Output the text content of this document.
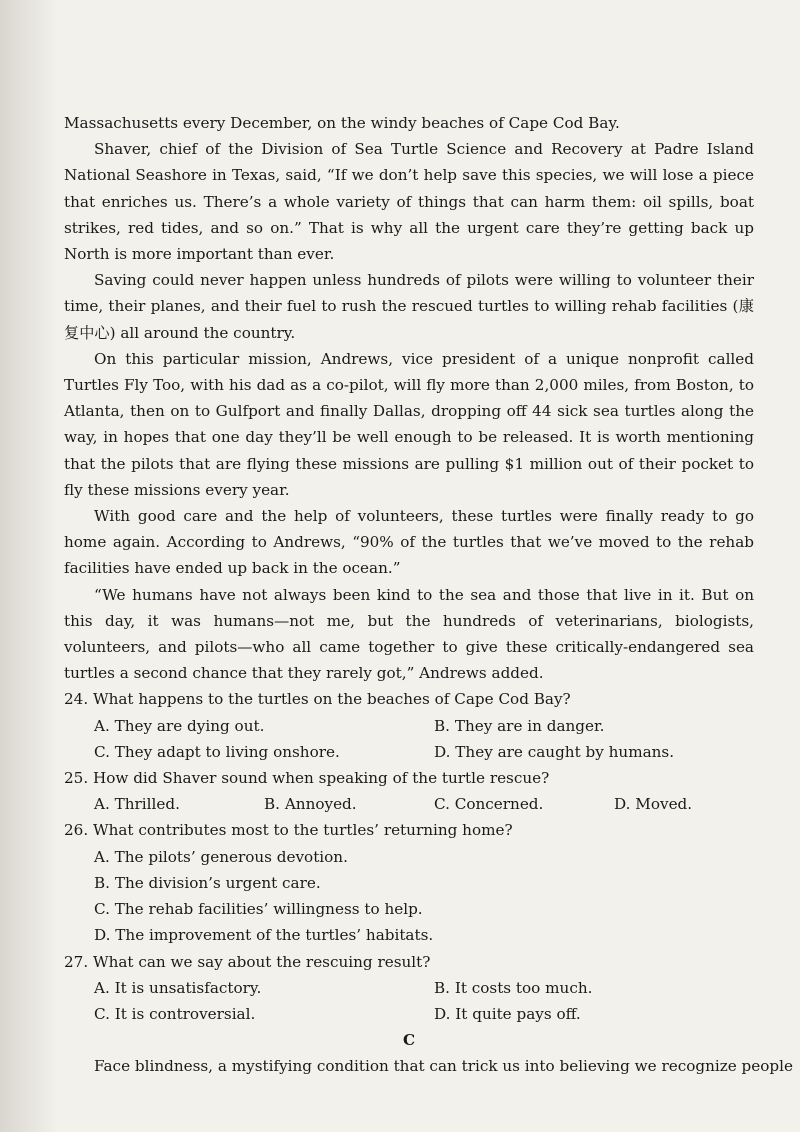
Massachusetts every December, on the windy beaches of Cape Cod Bay.

Shaver, chief of the Division of Sea Turtle Science and Recovery at Padre Island National Seashore in Texas, said, “If we don’t help save this species, we will lose a piece that enriches us. There’s a whole variety of things that can harm them: oil spills, boat strikes, red tides, and so on.” That is why all the urgent care they’re getting back up North is more important than ever.

Saving could never happen unless hundreds of pilots were willing to volunteer their time, their planes, and their fuel to rush the rescued turtles to willing rehab facilities (康复中心) all around the country.

On this particular mission, Andrews, vice president of a unique nonprofit called Turtles Fly Too, with his dad as a co-pilot, will fly more than 2,000 miles, from Boston, to Atlanta, then on to Gulfport and finally Dallas, dropping off 44 sick sea turtles along the way, in hopes that one day they’ll be well enough to be released. It is worth mentioning that the pilots that are flying these missions are pulling $1 million out of their pocket to fly these missions every year.

With good care and the help of volunteers, these turtles were finally ready to go home again. According to Andrews, “90% of the turtles that we’ve moved to the rehab facilities have ended up back in the ocean.”

“We humans have not always been kind to the sea and those that live in it. But on this day, it was humans—not me, but the hundreds of veterinarians, biologists, volunteers, and pilots—who all came together to give these critically-endangered sea turtles a second chance that they rarely got,” Andrews added.

24. What happens to the turtles on the beaches of Cape Cod Bay?

A. They are dying out.	B. They are in danger.
C. They adapt to living onshore.	D. They are caught by humans.

25. How did Shaver sound when speaking of the turtle rescue?

A. Thrilled.	B. Annoyed.	C. Concerned.	D. Moved.

26. What contributes most to the turtles’ returning home?

A. The pilots’ generous devotion.
B. The division’s urgent care.
C. The rehab facilities’ willingness to help.
D. The improvement of the turtles’ habitats.

27. What can we say about the rescuing result?

A. It is unsatisfactory.	B. It costs too much.
C. It is controversial.	D. It quite pays off.

C

Face blindness, a mystifying condition that can trick us into believing we recognize people
